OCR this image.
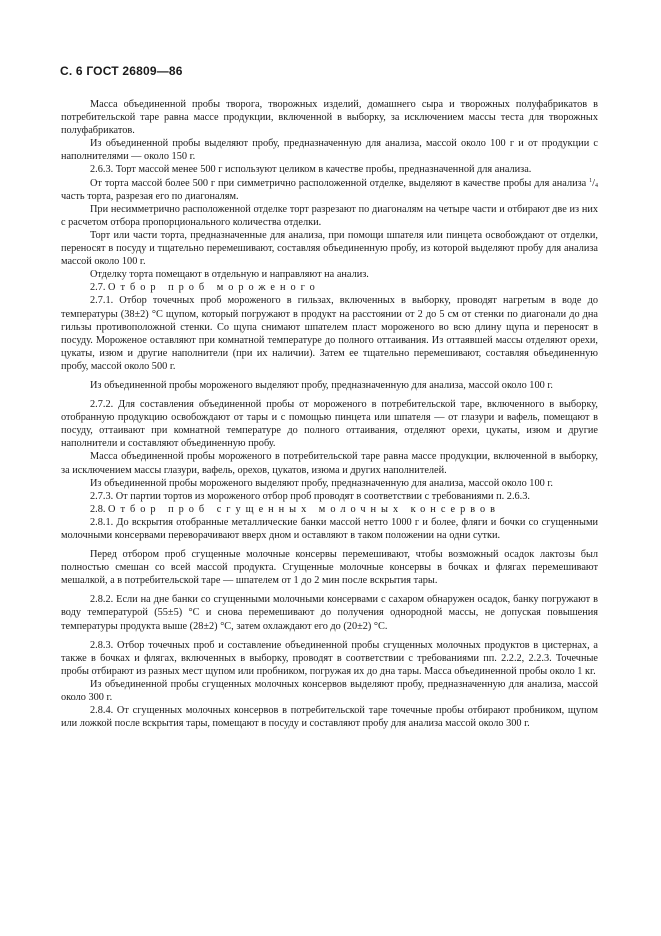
С. 6 ГОСТ 26809—86

Масса объединенной пробы творога, творожных изделий, домашнего сыра и творожных полуфабрикатов в потребительской таре равна массе продукции, включенной в выборку, за исключением массы теста для творожных полуфабрикатов.

Из объединенной пробы выделяют пробу, предназначенную для анализа, массой около 100 г и от продукции с наполнителями — около 150 г.

2.6.3. Торт массой менее 500 г используют целиком в качестве пробы, предназначенной для анализа.

От торта массой более 500 г при симметрично расположенной отделке, выделяют в качестве пробы для анализа $^1/_4$ часть торта, разрезая его по диагоналям.

При несимметрично расположенной отделке торт разрезают по диагоналям на четыре части и отбирают две из них с расчетом отбора пропорционального количества отделки.

Торт или части торта, предназначенные для анализа, при помощи шпателя или пинцета освобождают от отделки, переносят в посуду и тщательно перемешивают, составляя объединенную пробу, из которой выделяют пробу для анализа массой около 100 г.

Отделку торта помещают в отдельную и направляют на анализ.

2.7. Отбор проб мороженого

2.7.1. Отбор точечных проб мороженого в гильзах, включенных в выборку, проводят нагретым в воде до температуры (38±2) °С щупом, который погружают в продукт на расстоянии от 2 до 5 см от стенки по диагонали до дна гильзы противоположной стенки. Со щупа снимают шпателем пласт мороженого во всю длину щупа и переносят в посуду. Мороженое оставляют при комнатной температуре до полного оттаивания. Из оттаявшей массы отделяют орехи, цукаты, изюм и другие наполнители (при их наличии). Затем ее тщательно перемешивают, составляя объединенную пробу, массой около 500 г.

Из объединенной пробы мороженого выделяют пробу, предназначенную для анализа, массой около 100 г.

2.7.2. Для составления объединенной пробы от мороженого в потребительской таре, включенного в выборку, отобранную продукцию освобождают от тары и с помощью пинцета или шпателя — от глазури и вафель, помещают в посуду, оттаивают при комнатной температуре до полного оттаивания, отделяют орехи, цукаты, изюм и другие наполнители и составляют объединенную пробу.

Масса объединенной пробы мороженого в потребительской таре равна массе продукции, включенной в выборку, за исключением массы глазури, вафель, орехов, цукатов, изюма и других наполнителей.

Из объединенной пробы мороженого выделяют пробу, предназначенную для анализа, массой около 100 г.

2.7.3. От партии тортов из мороженого отбор проб проводят в соответствии с требованиями п. 2.6.3.

2.8. Отбор проб сгущенных молочных консервов

2.8.1. До вскрытия отобранные металлические банки массой нетто 1000 г и более, фляги и бочки со сгущенными молочными консервами переворачивают вверх дном и оставляют в таком положении на одни сутки.

Перед отбором проб сгущенные молочные консервы перемешивают, чтобы возможный осадок лактозы был полностью смешан со всей массой продукта. Сгущенные молочные консервы в бочках и флягах перемешивают мешалкой, а в потребительской таре — шпателем от 1 до 2 мин после вскрытия тары.

2.8.2. Если на дне банки со сгущенными молочными консервами с сахаром обнаружен осадок, банку погружают в воду температурой (55±5) °С и снова перемешивают до получения однородной массы, не допуская повышения температуры продукта выше (28±2) °С, затем охлаждают его до (20±2) °С.

2.8.3. Отбор точечных проб и составление объединенной пробы сгущенных молочных продуктов в цистернах, а также в бочках и флягах, включенных в выборку, проводят в соответствии с требованиями пп. 2.2.2, 2.2.3. Точечные пробы отбирают из разных мест щупом или пробником, погружая их до дна тары. Масса объединенной пробы около 1 кг.

Из объединенной пробы сгущенных молочных консервов выделяют пробу, предназначенную для анализа, массой около 300 г.

2.8.4. От сгущенных молочных консервов в потребительской таре точечные пробы отбирают пробником, щупом или ложкой после вскрытия тары, помещают в посуду и составляют пробу для анализа массой около 300 г.
